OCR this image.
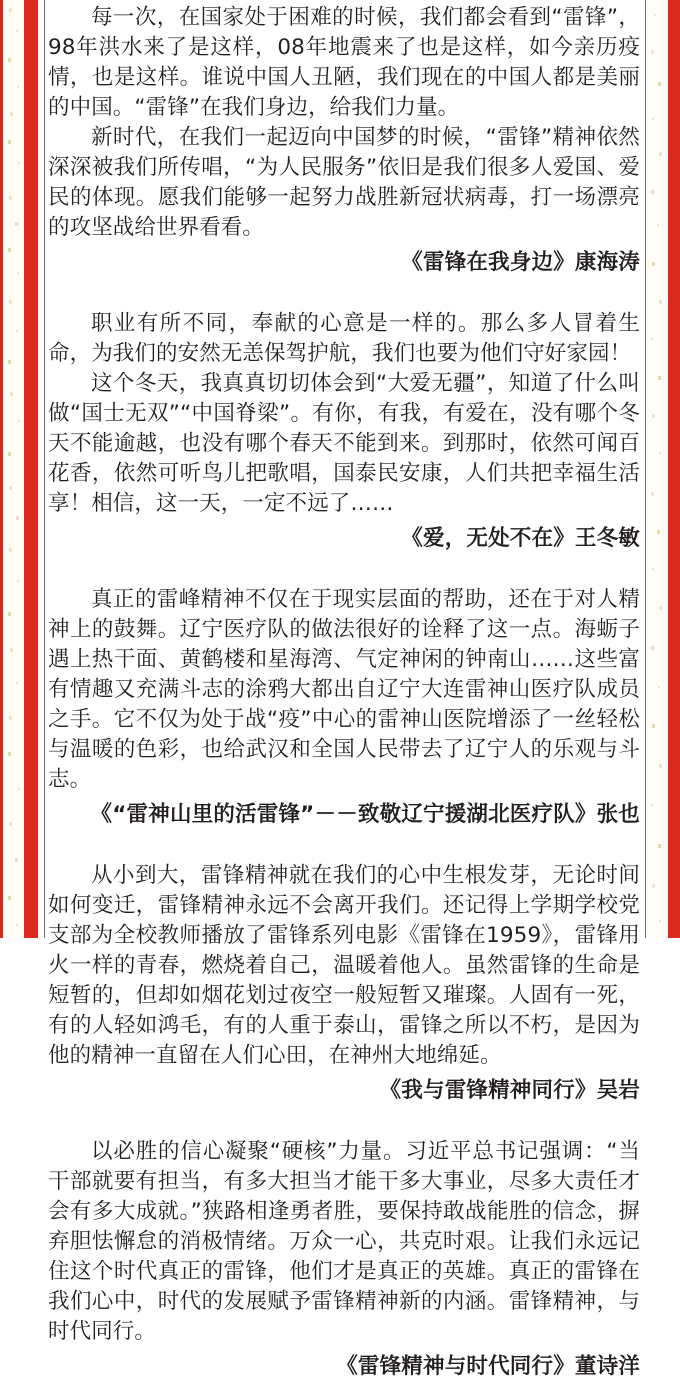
每一次，在国家处于困难的时候，我们都会看到“雷锋”，98年洪水来了是这样，08年地震来了也是这样，如今亲历疫情，也是这样。谁说中国人丑陋，我们现在的中国人都是美丽的中国。“雷锋”在我们身边，给我们力量。

新时代，在我们一起迈向中国梦的时候，“雷锋”精神依然深深被我们所传唱，“为人民服务”依旧是我们很多人爱国、爱民的体现。愿我们能够一起努力战胜新冠状病毒，打一场漂亮的攻坚战给世界看看。

《雷锋在我身边》康海涛

职业有所不同，奉献的心意是一样的。那么多人冒着生命，为我们的安然无恙保驾护航，我们也要为他们守好家园！

这个冬天，我真真切切体会到“大爱无疆”，知道了什么叫做“国士无双”“中国脊梁”。有你，有我，有爱在，没有哪个冬天不能逾越，也没有哪个春天不能到来。到那时，依然可闻百花香，依然可听鸟儿把歌唱，国泰民安康，人们共把幸福生活享！相信，这一天，一定不远了……

《爱，无处不在》王冬敏

真正的雷峰精神不仅在于现实层面的帮助，还在于对人精神上的鼓舞。辽宁医疗队的做法很好的诠释了这一点。海蛎子遇上热干面、黄鹤楼和星海湾、气定神闲的钟南山……这些富有情趣又充满斗志的涂鸦大都出自辽宁大连雷神山医疗队成员之手。它不仅为处于战“疫”中心的雷神山医院增添了一丝轻松与温暖的色彩，也给武汉和全国人民带去了辽宁人的乐观与斗志。

《“雷神山里的活雷锋”－－致敬辽宁援湖北医疗队》张也

从小到大，雷锋精神就在我们的心中生根发芽，无论时间如何变迁，雷锋精神永远不会离开我们。还记得上学期学校党支部为全校教师播放了雷锋系列电影《雷锋在1959》，雷锋用火一样的青春，燃烧着自己，温暖着他人。虽然雷锋的生命是短暂的，但却如烟花划过夜空一般短暂又璀璨。人固有一死，有的人轻如鸿毛，有的人重于泰山，雷锋之所以不朽，是因为他的精神一直留在人们心田，在神州大地绵延。

《我与雷锋精神同行》吴岩

以必胜的信心凝聚“硬核”力量。习近平总书记强调：“当干部就要有担当，有多大担当才能干多大事业，尽多大责任才会有多大成就。”狭路相逢勇者胜，要保持敢战能胜的信念，摒弃胆怯懈怠的消极情绪。万众一心，共克时艰。让我们永远记住这个时代真正的雷锋，他们才是真正的英雄。真正的雷锋在我们心中，时代的发展赋予雷锋精神新的内涵。雷锋精神，与时代同行。

《雷锋精神与时代同行》董诗洋
